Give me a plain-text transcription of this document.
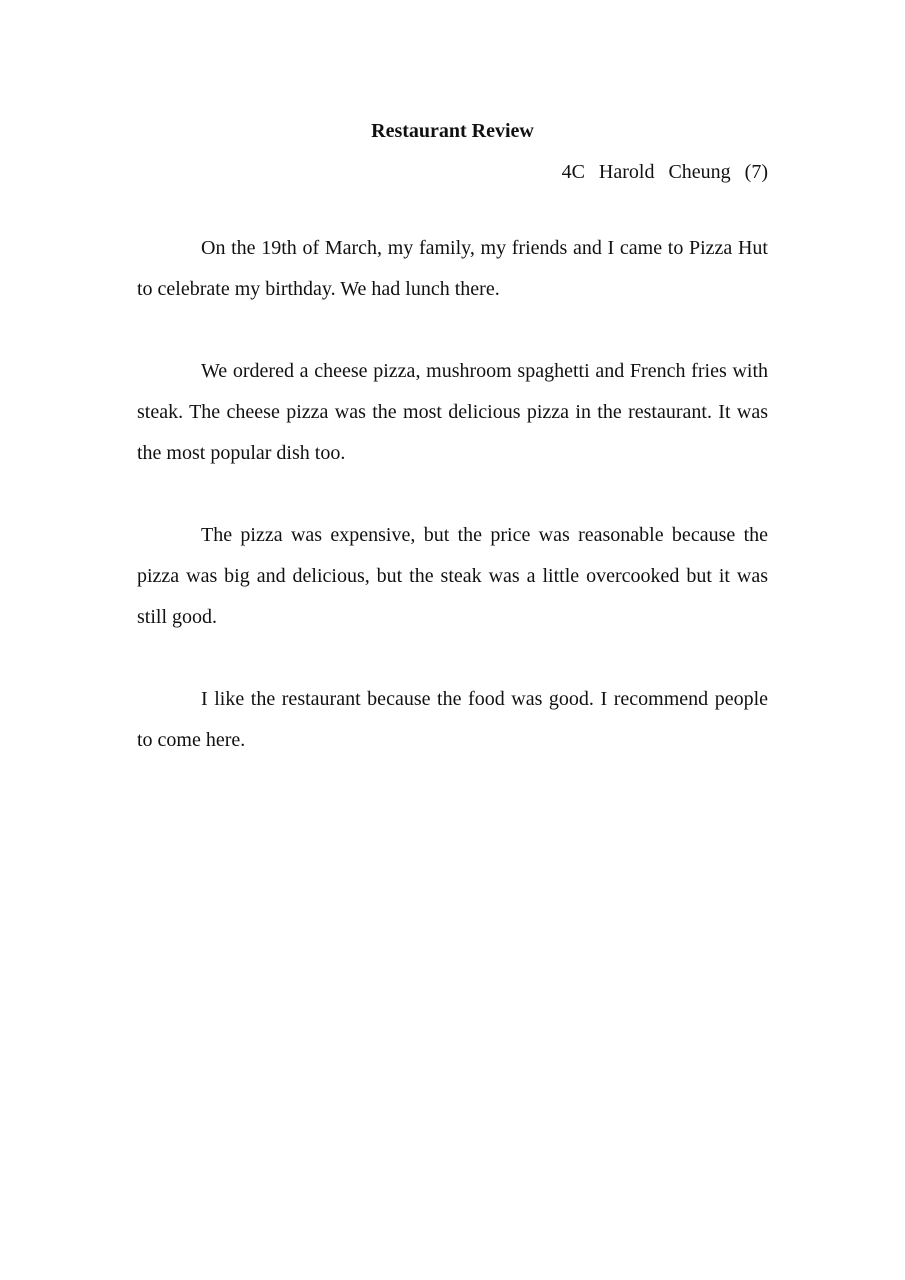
Restaurant Review
4C Harold Cheung (7)

On the 19th of March, my family, my friends and I came to Pizza Hut to celebrate my birthday. We had lunch there.

We ordered a cheese pizza, mushroom spaghetti and French fries with steak. The cheese pizza was the most delicious pizza in the restaurant. It was the most popular dish too.

The pizza was expensive, but the price was reasonable because the pizza was big and delicious, but the steak was a little overcooked but it was still good.

I like the restaurant because the food was good. I recommend people to come here.
